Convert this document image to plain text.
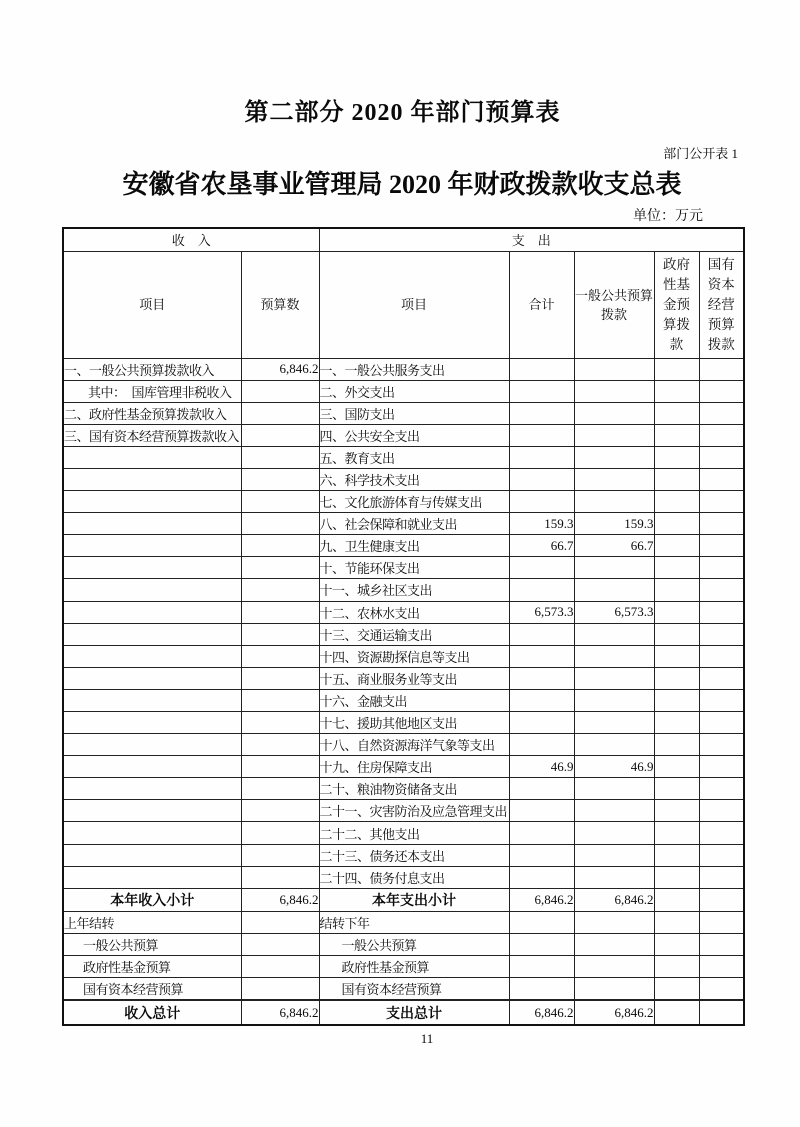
第二部分 2020 年部门预算表
部门公开表 1
安徽省农垦事业管理局 2020 年财政拨款收支总表
单位：万元
收　入		支　出				
项目	预算数	项目	合计	一般公共预算拨款	政府性基金预算拨款	国有资本经营预算拨款
一、一般公共预算拨款收入	6,846.2	一、一般公共服务支出				
其中：　国库管理非税收入		二、外交支出				
二、政府性基金预算拨款收入		三、国防支出				
三、国有资本经营预算拨款收入		四、公共安全支出				
		五、教育支出				
		六、科学技术支出				
		七、文化旅游体育与传媒支出				
		八、社会保障和就业支出	159.3	159.3		
		九、卫生健康支出	66.7	66.7		
		十、节能环保支出				
		十一、城乡社区支出				
		十二、农林水支出	6,573.3	6,573.3		
		十三、交通运输支出				
		十四、资源勘探信息等支出				
		十五、商业服务业等支出				
		十六、金融支出				
		十七、援助其他地区支出				
		十八、自然资源海洋气象等支出				
		十九、住房保障支出	46.9	46.9		
		二十、粮油物资储备支出				
		二十一、灾害防治及应急管理支出				
		二十二、其他支出				
		二十三、债务还本支出				
		二十四、债务付息支出				
本年收入小计	6,846.2	本年支出小计	6,846.2	6,846.2		
上年结转		结转下年				
一般公共预算		一般公共预算				
政府性基金预算		政府性基金预算				
国有资本经营预算		国有资本经营预算				

收入总计	6,846.2	支出总计	6,846.2	6,846.2		
11
